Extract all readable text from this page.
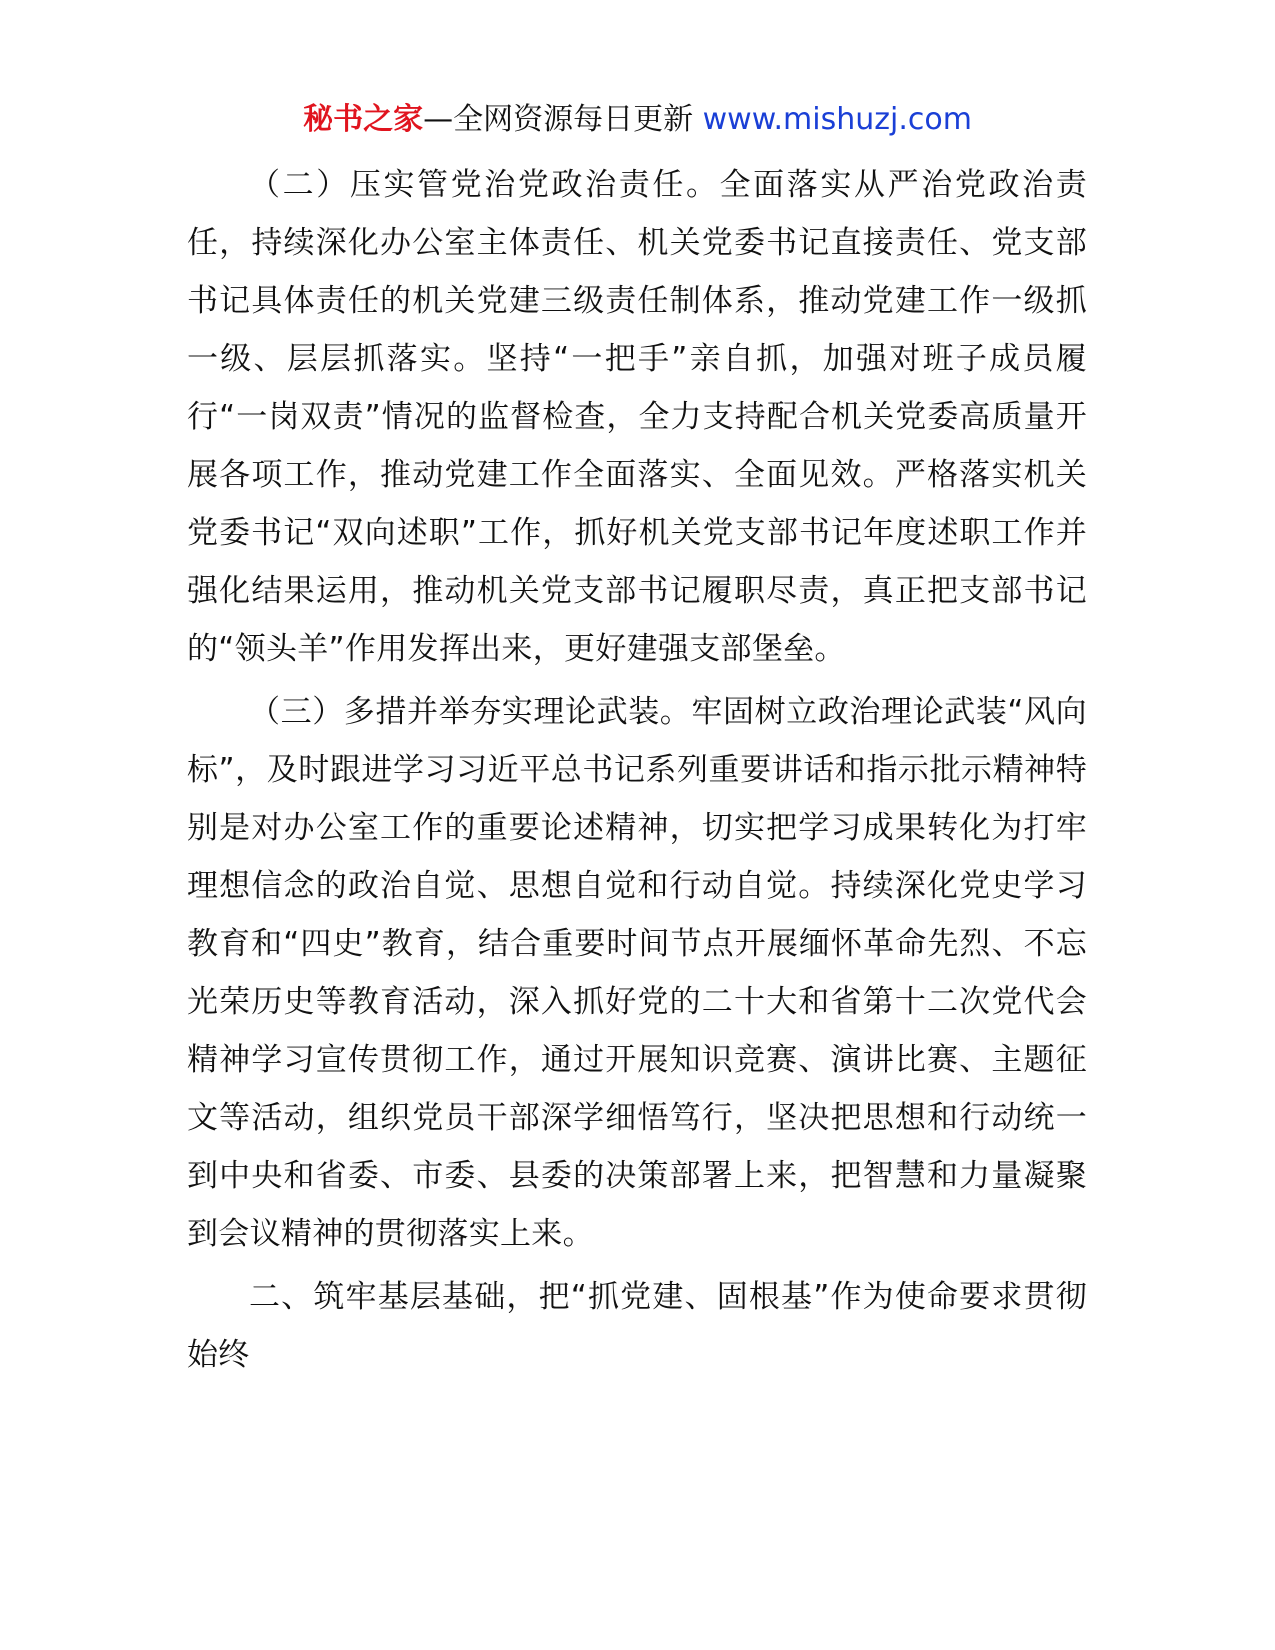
秘书之家—全网资源每日更新 www.mishuzj.com

（二）压实管党治党政治责任。全面落实从严治党政治责任，持续深化办公室主体责任、机关党委书记直接责任、党支部书记具体责任的机关党建三级责任制体系，推动党建工作一级抓一级、层层抓落实。坚持“一把手”亲自抓，加强对班子成员履行“一岗双责”情况的监督检查，全力支持配合机关党委高质量开展各项工作，推动党建工作全面落实、全面见效。严格落实机关党委书记“双向述职”工作，抓好机关党支部书记年度述职工作并强化结果运用，推动机关党支部书记履职尽责，真正把支部书记的“领头羊”作用发挥出来，更好建强支部堡垒。

（三）多措并举夯实理论武装。牢固树立政治理论武装“风向标”，及时跟进学习习近平总书记系列重要讲话和指示批示精神特别是对办公室工作的重要论述精神，切实把学习成果转化为打牢理想信念的政治自觉、思想自觉和行动自觉。持续深化党史学习教育和“四史”教育，结合重要时间节点开展缅怀革命先烈、不忘光荣历史等教育活动，深入抓好党的二十大和省第十二次党代会精神学习宣传贯彻工作，通过开展知识竞赛、演讲比赛、主题征文等活动，组织党员干部深学细悟笃行，坚决把思想和行动统一到中央和省委、市委、县委的决策部署上来，把智慧和力量凝聚到会议精神的贯彻落实上来。

二、筑牢基层基础，把“抓党建、固根基”作为使命要求贯彻始终
